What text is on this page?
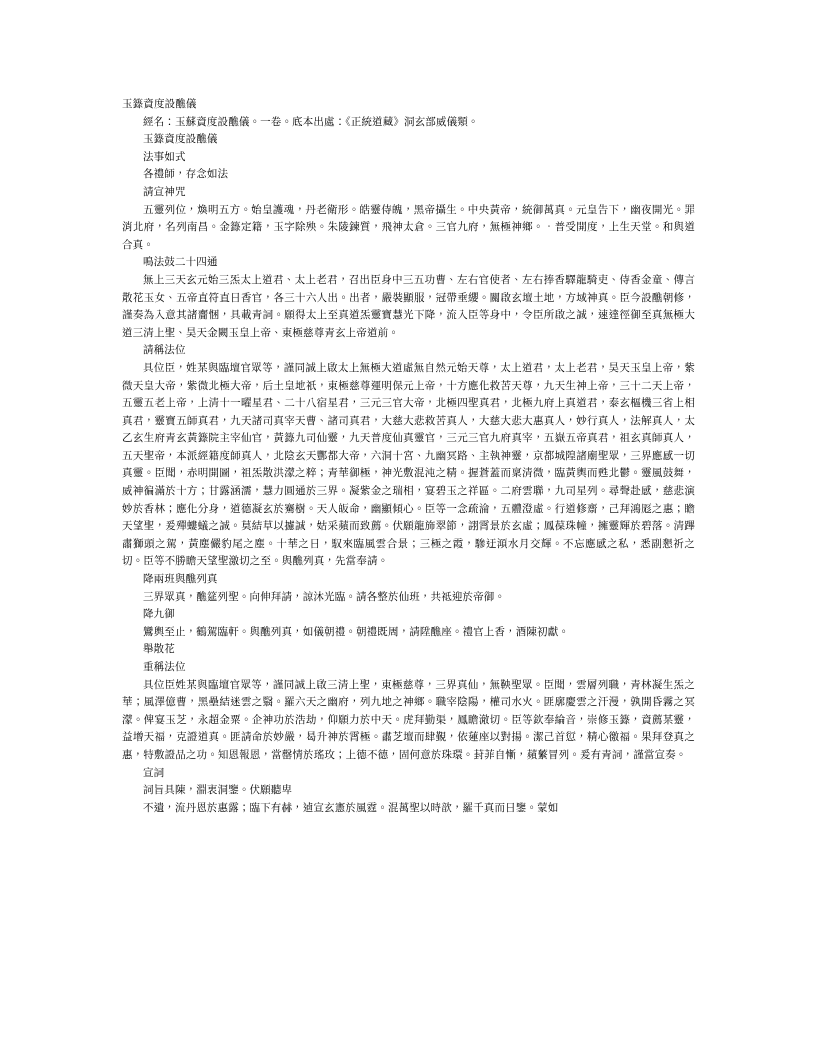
玉籙資度設醮儀

經名：玉蘇資度設醮儀。一卷。底本出處：《正統道藏》洞玄部威儀類。

玉籙資度設醮儀

法事如式

各禮師，存念如法

請宣神咒

五靈列位，煥明五方。始皇護魂，丹老衛形。皓靈侍魄，黑帝攝生。中央黃帝，統御萬真。元皇告下，幽夜開光。罪消北府，名列南昌。金籙定籍，玉字除殃。朱陵鍊質，飛神太倉。三官九府，無極神鄉。．普受開度，上生天堂。和與道合真。

鳴法鼓二十四通

無上三天玄元始三炁太上道君、太上老君，召出臣身中三五功曹、左右官使者、左右捧香驛龍騎吏、侍香金童、傳言散花玉女、五帝直符直日香官，各三十六人出。出者，嚴裝顯服，冠帶垂纓。關啟玄壇土地，方域神真。臣今設醮朝修，謹奏為入意其諸齎悃，具載青詞。願得太上至真道炁靈寶慧光下降，流入臣等身中，令臣所啟之誠，速達徑御至真無極大道三清上聖、昊天金闕玉皇上帝、東極慈尊青玄上帝道前。

請稱法位

具位臣，姓某與臨壇官眾等，謹同誠上啟太上無極大道虛無自然元始天尊，太上道君，太上老君，昊天玉皇上帝，紫微天皇大帝，紫微北極大帝，后土皇地祇，東極慈尊運明保元上帝，十方應化救苦天尊，九天生神上帝，三十二天上帝，五靈五老上帝，上清十一曜星君、二十八宿星君，三元三官大帝，北極四聖真君，北極九府上真道君，泰玄樞機三省上相真君，靈寶五師真君，九天諸司真宰天曹、諸司真君，大慈大悲救苦真人，大慈大悲大惠真人，妙行真人，法解真人，太乙玄生府青玄黃籙院主宰仙官，黃籙九司仙靈，九天普度仙真靈官，三元三官九府真宰，五嶽五帝真君，祖玄真師真人，五天聖帝，本派經籍度師真人，北陰玄天酆都大帝，六洞十宮、九幽冥路、主執神靈，京都城隍諸廟聖眾，三界應感一切真靈。臣聞，赤明開圖，祖炁散洪濛之粹；青華御極，神光敷混沌之精。握蒼蓋而稟清微，臨黃輿而甦北鬱。靈風鼓舞，威神徧滿於十方；甘露涵濡，慧力圓通於三界。凝紫金之瑞相，宴碧玉之祥區。二府雲聯，九司星列。尋聲赴感，慈悲演妙於香林；應化分身，道德凝玄於騫樹。天人皈命，幽顯傾心。臣等一念疏淪，五體澄虛。行道修齋，己拜鴻厖之惠；瞻天望聖，爰殫螻蟻之誠。莫結草以攄誠，姑采蘋而致薦。伏願龍斾翠節，詡霄景於玄虛；鳳葆珠幢，擁靈輝於碧落。清蹕肅獅頭之駕，黃塵儼豹尾之塵。十華之日，馭來臨風雲合景；三極之霞，驂迂澒水月交輝。不忘應感之私，悉副懇祈之切。臣等不勝瞻天望聖激切之至。與醮列真，先當奉請。

降兩班與醮列真

三界眾真，醮筵列聖。向伸拜請，諒沐光臨。請各整於仙班，共祗迎於帝御。

降九御

鸞輿至止，鶴駕臨軒。與醮列真，如儀朝禮。朝禮既周，請陞醮座。禮官上香，酒陳初獻。

舉散花

重稱法位

具位臣姓某與臨壇官眾等，謹同誠上啟三清上聖，東極慈尊，三界真仙，無鞅聖眾。臣聞，雲層列職，青林凝生炁之華；風澤億曹，黑壘結迷雲之翳。羅六天之幽府，列九地之神鄉。職宰陰陽，權司水火。匪廓慶雲之汗漫，孰開昏霧之冥濛。俾宴玉芝，永超金粟。企神功於浩劫，仰願力於中天。虎拜勤渠，鳳瞻澈切。臣等欽奉綸音，崇修玉籙，資薦某靈，益增天福，克證道真。匪請命於妙嚴，曷升神於霄極。肅芝壇而肆覲，依蓮座以對揚。潔己首愆，精心徼福。果拜登真之惠，特敷證品之功。知恩報恩，當罄情於瑤玫；上德不德，固何意於珠環。葑菲自慚，蘋蘩冒列。爰有青詞，謹當宣奏。

宣詞

詞旨具陳，淵衷洞鑒。伏願聽卑

不遺，流丹恩於惠露；臨下有赫，逌宣玄憲於風霆。混萬聖以時歆，羅千真而日鑒。蒙如
